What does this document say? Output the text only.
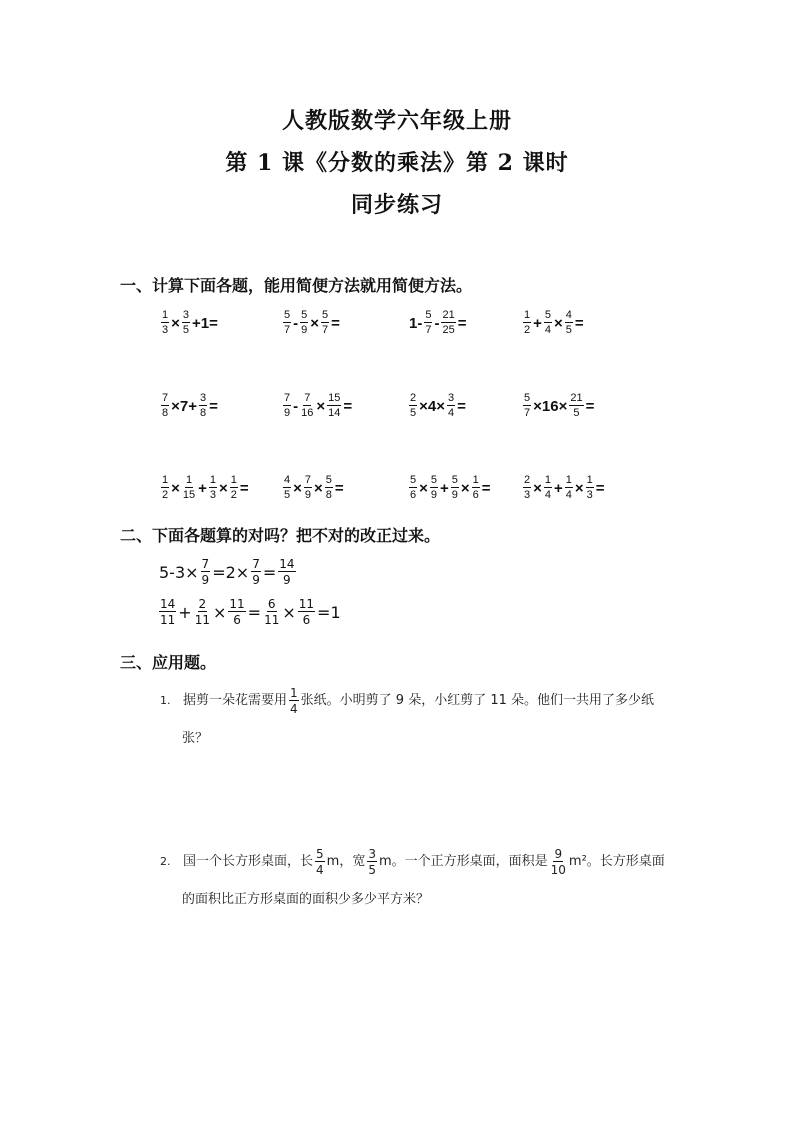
人教版数学六年级上册
第 1 课《分数的乘法》第 2 课时
同步练习
一、计算下面各题，能用简便方法就用简便方法。
$\frac{1}{3} \times \frac{3}{5} +1=$	$\frac{5}{7} - \frac{5}{9} \times \frac{5}{7}$ =	$1- \frac{5}{7} - \frac{21}{25}$ =	$\frac{1}{2} + \frac{5}{4} \times \frac{4}{5}$ =
$\frac{7}{8} \times 7+ \frac{3}{8}$ =	$\frac{7}{9} - \frac{7}{16} \times \frac{15}{14}$ =	$\frac{2}{5} \times 4\times \frac{3}{4}$ =	$\frac{5}{7} \times 16\times \frac{21}{5}$ =
$\frac{1}{2} \times \frac{1}{15} + \frac{1}{3} \times \frac{1}{2}$ =	$\frac{4}{5} \times \frac{7}{9} \times \frac{5}{8}$ =	$\frac{5}{6} \times \frac{5}{9} + \frac{5}{9} \times \frac{1}{6}$ =	$\frac{2}{3} \times \frac{1}{4} + \frac{1}{4} \times \frac{1}{3}$ =
二、下面各题算的对吗？把不对的改正过来。
$5-3\times \frac{7}{9} =2\times \frac{7}{9} = \frac{14}{9}$
$\frac{14}{11} + \frac{2}{11} \times \frac{11}{6} = \frac{6}{11} \times \frac{11}{6} =1$
三、应用题。
1. 据剪一朵花需要用 $\frac{1}{4}$ 张纸。小明剪了 9 朵，小红剪了 11 朵。他们一共用了多少纸
张？
2. 国一个长方形桌面，长 $\frac{5}{4}$ m，宽 $\frac{3}{5}$ m。一个正方形桌面，面积是 $\frac{9}{10} m^2$。长方形桌面
的面积比正方形桌面的面积少多少平方米？
